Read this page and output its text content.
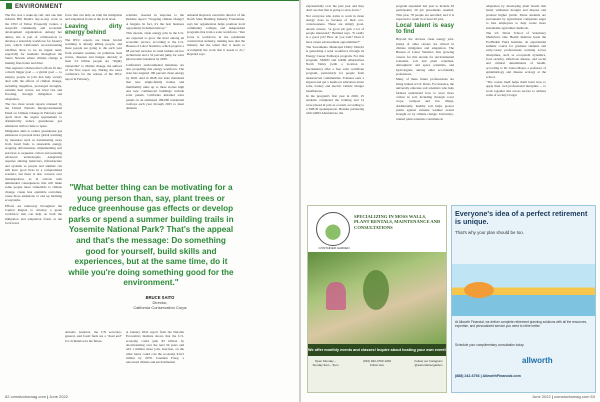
ENVIRONMENT

The fire was a wake-up call, and one that informs Hill Drum's day-to-day work as the CEO of Tahoe Prosperity Center, a nonprofit community and economic development organization. Among her duties, she is part of collaborators to develop a statewide workforce for forestry jobs, which California's record-breaking wildfires show to be an urgent need, especially for residents throughout the Sierra Nevada where climate change is making fires hotter and drier.

This regional collaborative's efforts fit into a much bigger goal — a global goal — to employ people in jobs that help society deal with the effects of climate change, including megafires, prolonged droughts, extreme heat waves, sea level rise and flooding, through mitigation and adaptation.

The two most recent reports released by the United Nations Intergovernmental Panel on Climate Change in February and April show the urgent requirement to dramatically reduce greenhouse gas emissions with no time to spare.

Mitigation aims to reduce greenhouse gas emissions to prevent more global warming by measures such as transitioning away from fossil fuels to renewable energy, stopping deforestation, implementing soil practices to sequester carbon and pursuing advanced technologies. Adaptation requires altering behaviors, infrastructure and systems so people and animals can still have good lives in a compromised scenario, but there is also concern over maladaptation, as in actions with unintended consequences that will make some people more vulnerable to climate change, create less equitable outcomes, cause more emissions or end up harming ecosystems.

Efforts are underway throughout the Capital Region to develop a green workforce that can help on both the mitigation and adaptation fronts at the local level.

force that can help on both the mitigation and adaptation fronts at the local level.

Leaving dirty energy behind

The IPCC reports are bleak. Global warming is already killing people, and more people are going to die each year from extreme weather, air pollution, heat waves, diseases and hunger. Already at least 3.3 billion people are "highly vulnerable" to climate change, the authors of the first report say. During the news conference for the release of the IPCC report in February,

scientist, tweeted in response to the Deloitte report: "Stopping climate change? A bargain. In fact, it's the best business opportunity in human history."

This decade, clean energy jobs in the U.S. are expected to grow the most among all economic sectors, according to the U.S. Bureau of Labor Statistics, which projects a 68 percent increase in wind turbine service technicians and a 52 percent jump for solar photovoltaic installers by 2030.

California's environmental mandates are also propelling this energy workforce. The state has targeted 100 percent clean energy by 2045. And in 2028, the state mandated that new single-family homes and multifamily units up to three stories high and new commercial buildings include solar panels. California installed solar panels on an estimated 186,000 residential rooftops each year through 2025 to meet demand.

Amanda Reynard, executive director of the North State Building Industry Foundation, says her organization helps promote local community colleges and independent programs that train a solar workforce. "Our focus is workforce in the residential construction industry, making sure that the industry has the talent that it needs to accomplish the work that it needs to do," Reynard says.

"What better thing can be motivating for a young person than, say, plant trees or reduce greenhouse gas effects or develop parks or spend a summer building trails in Yosemite National Park? That's the appeal and that's the message: Do something good for yourself, build skills and experiences, but at the same time, do it while you're doing something good for the environment."
BRUCE SAITO
Director,
California Conservation Corps

Antonio Guterres, the UN secretary-general, said fossil fuels are a "dead end" for civilization in the future.

A January 2022 report from the Deloitte Economics Institute shows that the U.S. economy could gain $3 trillion by decarbonizing over the next 50 years and add 1 million more jobs. Inaction, on the other hand, could cost the economy $14.5 trillion by 2070. Jonathan Foley, a renowned climate and environmental

62 comstocksmag.com | June 2022

exponentially over the past year and they don't see that that is going to slow down."

Not everyone who trains to work in clean energy does so because of their eco-consciousness. These are simply good, decent careers. "A good job gets a lot of people interested," Bermud says. "It really is a good job? How do you wait? Does it have career advancement opportunities?"

The Sacramento Municipal Utility District is generating a solar workforce through its Energy Career Pathways program. For this program, SMUD and GRID Alternatives North Valley (with a location in Sacramento) offer a free solar certificate program, particularly for people from underserved communities. Trainees earn a stipend and get a hands-on education about solar, battery and electric vehicle charger installations.

In the program's first year in 2020, 25 students completed the training and 12 were placed in jobs as a result, according to a SMUD spokesperson. Besides partnering with GRID Alternatives, the

program expanded last year to include 93 participants; 29 job placements resulted. This year, 78 people are enrolled; and it is expected to result in at least 29 jobs.

Local talent is easy to find

Beyond the obvious clean energy jobs, plenty of other careers are critical in climate mitigation and adaptation. The Bureau of Labor Statistics lists growing careers for this decade for environmental scientists, soil and plant scientists, atmospheric and space scientists, and hydrologists, among other eco-friendly professions.

Many of these future professionals are being trained at UC Davis. For instance, the university educates soil scientists who help farmers understand how to store more carbon in soil, including through cover crops, compost and low tillage. Additionally, healthy soil helps protect plants against extreme weather events brought on by climate change. University-trained plant scientists contribute in

adaptation by developing plant breeds that better withstand drought and disease and produce higher yields. These students are surrounded by agricultural companies eager to hire employees to help create more sustainable agriculture methods.

The UC Davis School of Veterinary Medicine's One Health Institute leads the EcoHealth Field Institute, an experiential summer course for graduate students and early-career professionals working across disciplines, such as ecosystem dynamics, food security, infectious disease, and social and cultural determinants of health, according to Dr. Jonna Mazet, a professor of epidemiology and disease ecology at the school.

"The course itself helps them learn how to apply their own professional discipline ... to work together and across sectors to address some of society's larger

CONTAINER GARDEN
SPECIALIZING IN MOSS WALLS, PLANT RENTALS, MAINTENANCE AND CONSULTATIONS
We offer monthly events and classes! Inquire about hosting your own event!
Open Monday – Sunday 9am – 5pm
(916) 922-4769 1200 Fulton Ave
Follow our Instagram @sacontainergarden
Everyone's idea of a perfect retirement is unique.
That's why your plan should be too.
At Allworth Financial, we deliver complete retirement planning solutions with all the resources, expertise, and personalized service you need to retire better.
Schedule your complimentary consultation today.
allworth
(888) 242-6766 | AllworthFinancial.com
June 2022 | comstocksmag.com 63
